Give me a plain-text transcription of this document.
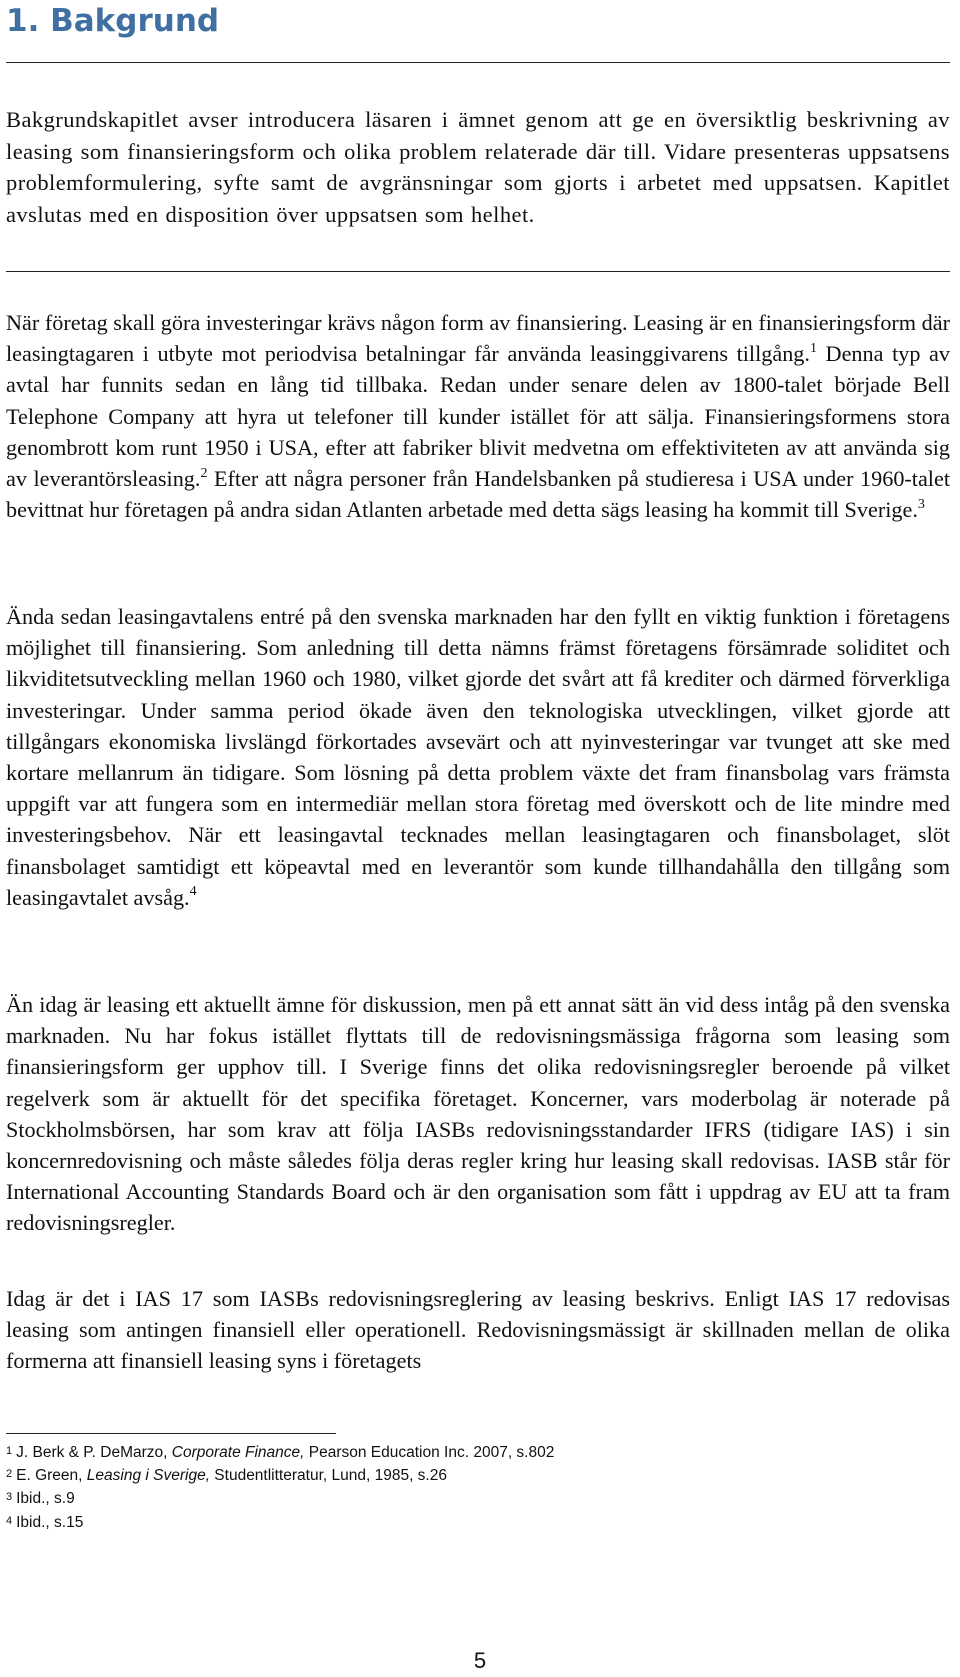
1. Bakgrund

Bakgrundskapitlet avser introducera läsaren i ämnet genom att ge en översiktlig beskrivning av leasing som finansieringsform och olika problem relaterade där till. Vidare presenteras uppsatsens problemformulering, syfte samt de avgränsningar som gjorts i arbetet med uppsatsen. Kapitlet avslutas med en disposition över uppsatsen som helhet.

När företag skall göra investeringar krävs någon form av finansiering. Leasing är en finansieringsform där leasingtagaren i utbyte mot periodvisa betalningar får använda leasinggivarens tillgång.$^1$ Denna typ av avtal har funnits sedan en lång tid tillbaka. Redan under senare delen av 1800-talet började Bell Telephone Company att hyra ut telefoner till kunder istället för att sälja. Finansieringsformens stora genombrott kom runt 1950 i USA, efter att fabriker blivit medvetna om effektiviteten av att använda sig av leverantörsleasing.$^2$ Efter att några personer från Handelsbanken på studieresa i USA under 1960-talet bevittnat hur företagen på andra sidan Atlanten arbetade med detta sägs leasing ha kommit till Sverige.$^3$

Ända sedan leasingavtalens entré på den svenska marknaden har den fyllt en viktig funktion i företagens möjlighet till finansiering. Som anledning till detta nämns främst företagens försämrade soliditet och likviditetsutveckling mellan 1960 och 1980, vilket gjorde det svårt att få krediter och därmed förverkliga investeringar. Under samma period ökade även den teknologiska utvecklingen, vilket gjorde att tillgångars ekonomiska livslängd förkortades avsevärt och att nyinvesteringar var tvunget att ske med kortare mellanrum än tidigare. Som lösning på detta problem växte det fram finansbolag vars främsta uppgift var att fungera som en intermediär mellan stora företag med överskott och de lite mindre med investeringsbehov. När ett leasingavtal tecknades mellan leasingtagaren och finansbolaget, slöt finansbolaget samtidigt ett köpeavtal med en leverantör som kunde tillhandahålla den tillgång som leasingavtalet avsåg.$^4$

Än idag är leasing ett aktuellt ämne för diskussion, men på ett annat sätt än vid dess intåg på den svenska marknaden. Nu har fokus istället flyttats till de redovisningsmässiga frågorna som leasing som finansieringsform ger upphov till. I Sverige finns det olika redovisningsregler beroende på vilket regelverk som är aktuellt för det specifika företaget. Koncerner, vars moderbolag är noterade på Stockholmsbörsen, har som krav att följa IASBs redovisningsstandarder IFRS (tidigare IAS) i sin koncernredovisning och måste således följa deras regler kring hur leasing skall redovisas. IASB står för International Accounting Standards Board och är den organisation som fått i uppdrag av EU att ta fram redovisningsregler.

Idag är det i IAS 17 som IASBs redovisningsreglering av leasing beskrivs. Enligt IAS 17 redovisas leasing som antingen finansiell eller operationell. Redovisningsmässigt är skillnaden mellan de olika formerna att finansiell leasing syns i företagets

1 J. Berk & P. DeMarzo, Corporate Finance, Pearson Education Inc. 2007, s.802
2 E. Green, Leasing i Sverige, Studentlitteratur, Lund, 1985, s.26
3 Ibid., s.9
4 Ibid., s.15
5
